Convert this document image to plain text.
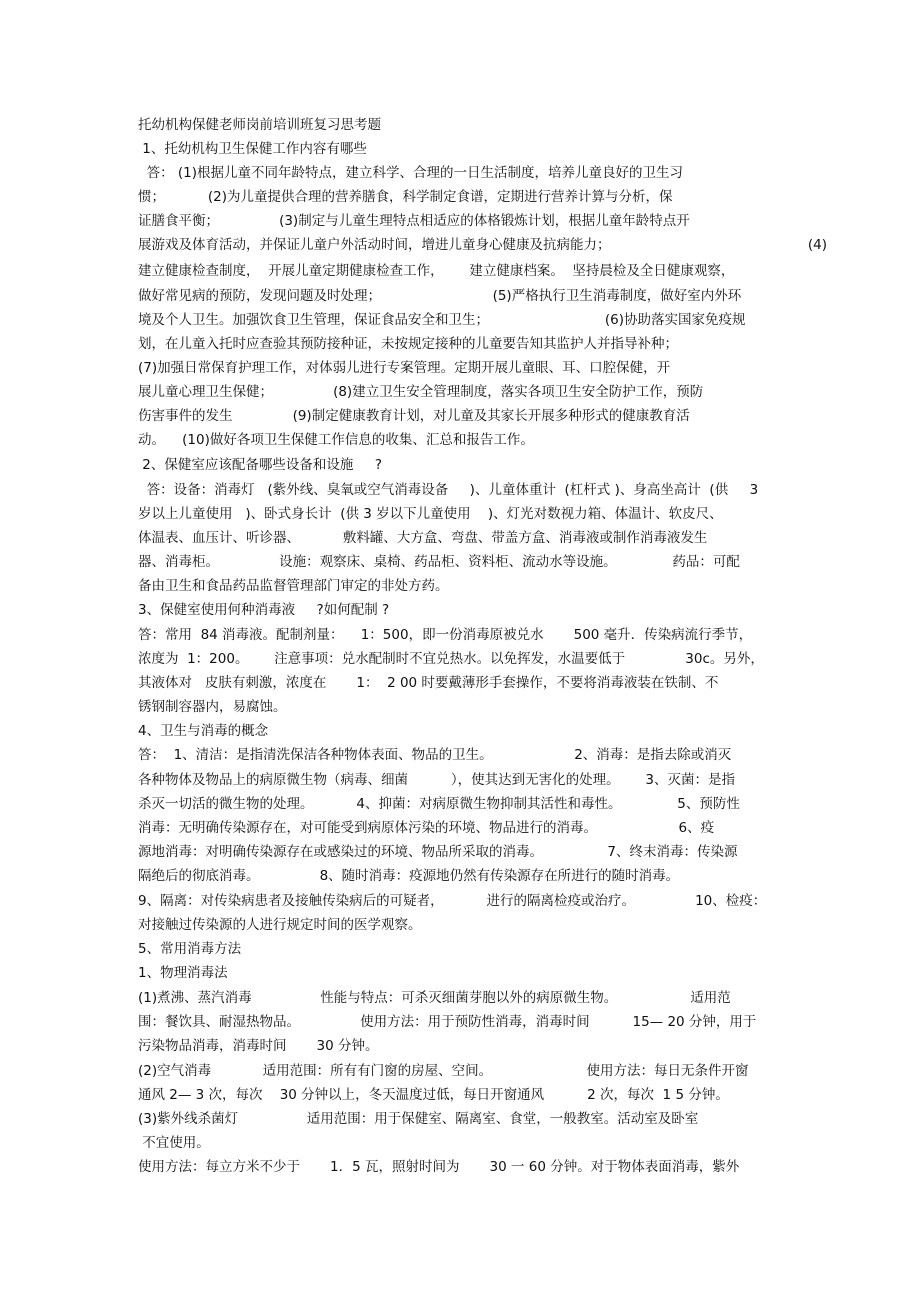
托幼机构保健老师岗前培训班复习思考题
1、托幼机构卫生保健工作内容有哪些
答： (1)根据儿童不同年龄特点，建立科学、合理的一日生活制度，培养儿童良好的卫生习
惯；          (2)为儿童提供合理的营养膳食，科学制定食谱，定期进行营养计算与分析，保
证膳食平衡；              (3)制定与儿童生理特点相适应的体格锻炼计划，根据儿童年龄特点开
展游戏及体育活动，并保证儿童户外活动时间，增进儿童身心健康及抗病能力；                                              (4)
建立健康检查制度，  开展儿童定期健康检查工作，      建立健康档案。  坚持晨检及全日健康观察，
做好常见病的预防，发现问题及时处理；                          (5)严格执行卫生消毒制度，做好室内外环
境及个人卫生。加强饮食卫生管理，保证食品安全和卫生；                           (6)协助落实国家免疫规
划，在儿童入托时应查验其预防接种证，未按规定接种的儿童要告知其监护人并指导补种；
(7)加强日常保育护理工作，对体弱儿进行专案管理。定期开展儿童眼、耳、口腔保健，开
展儿童心理卫生保健；              (8)建立卫生安全管理制度，落实各项卫生安全防护工作，预防
伤害事件的发生              (9)制定健康教育计划，对儿童及其家长开展多种形式的健康教育活
动。    (10)做好各项卫生保健工作信息的收集、汇总和报告工作。
2、保健室应该配备哪些设备和设施     ?
答：设备：消毒灯   (紫外线、臭氧或空气消毒设备     )、儿童体重计  (杠杆式 )、身高坐高计  (供     3
岁以上儿童使用   )、卧式身长计  (供 3 岁以下儿童使用    )、灯光对数视力箱、体温计、软皮尺、
体温表、血压计、听诊器、          敷料罐、大方盒、弯盘、带盖方盒、消毒液或制作消毒液发生
器、消毒柜。              设施：观察床、桌椅、药品柜、资料柜、流动水等设施。             药品：可配
备由卫生和食品药品监督管理部门审定的非处方药。
3、保健室使用何种消毒液     ?如何配制 ?
答：常用  84 消毒液。配制剂量：    1：500，即一份消毒原被兑水       500 毫升．传染病流行季节，
浓度为  1：200。      注意事项：兑水配制时不宜兑热水。以免挥发，水温要低于              30c。另外，
其液体对   皮肤有刺激，浓度在       1：  2 00 时要戴薄形手套操作，不要将消毒液装在铁制、不
锈钢制容器内，易腐蚀。
4、卫生与消毒的概念
答：  1、清洁：是指清洗保洁各种物体表面、物品的卫生。                   2、消毒：是指去除或消灭
各种物体及物品上的病原微生物（病毒、细菌          ），使其达到无害化的处理。      3、灭菌：是指
杀灭一切活的微生物的处理。          4、抑菌：对病原微生物抑制其活性和毒性。             5、预防性
消毒：无明确传染源存在，对可能受到病原体污染的环境、物品进行的消毒。                   6、疫
源地消毒：对明确传染源存在或感染过的环境、物品所采取的消毒。               7、终末消毒：传染源
隔绝后的彻底消毒。              8、随时消毒：疫源地仍然有传染源存在所进行的随时消毒。
9、隔离：对传染病患者及接触传染病后的可疑者，          进行的隔离检疫或治疗。              10、检疫：
对接触过传染源的人进行规定时间的医学观察。
5、常用消毒方法
1、物理消毒法
(1)煮沸、蒸汽消毒                性能与特点：可杀灭细菌芽胞以外的病原微生物。                 适用范
围：餐饮具、耐湿热物品。              使用方法：用于预防性消毒，消毒时间          15— 20 分钟，用于
污染物品消毒，消毒时间       30 分钟。
(2)空气消毒            适用范围：所有有门窗的房屋、空间。                      使用方法：每日无条件开窗
通风 2— 3 次，每次    30 分钟以上，冬天温度过低，每日开窗通风          2 次，每次  1 5 分钟。
(3)紫外线杀菌灯                适用范围：用于保健室、隔离室、食堂，一般教室。活动室及卧室
不宜使用。
使用方法：每立方米不少于       1．5 瓦，照射时间为       30 一 60 分钟。对于物体表面消毒，紫外
